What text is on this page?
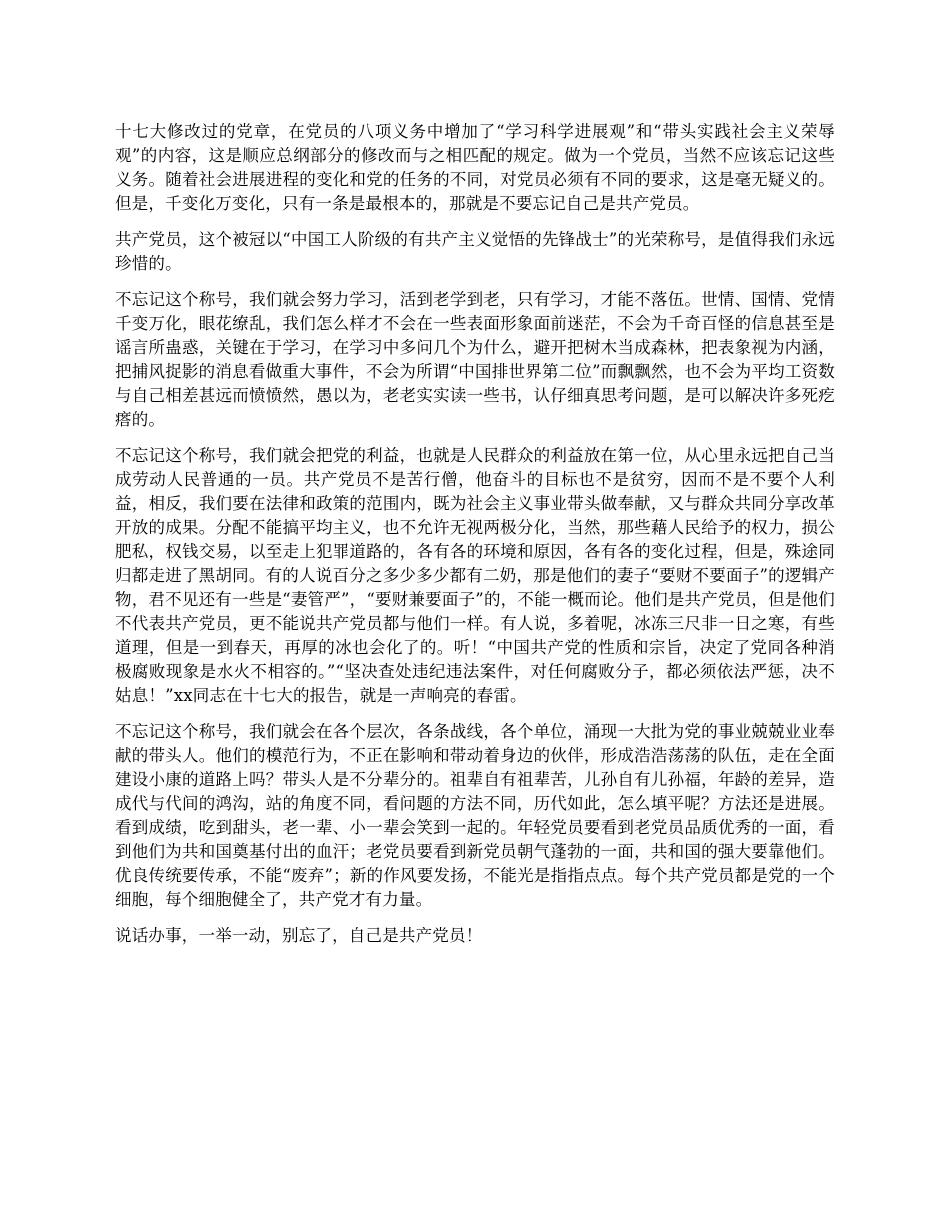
十七大修改过的党章，在党员的八项义务中增加了“学习科学进展观”和“带头实践社会主义荣辱观”的内容，这是顺应总纲部分的修改而与之相匹配的规定。做为一个党员，当然不应该忘记这些义务。随着社会进展进程的变化和党的任务的不同，对党员必须有不同的要求，这是毫无疑义的。但是，千变化万变化，只有一条是最根本的，那就是不要忘记自己是共产党员。

共产党员，这个被冠以“中国工人阶级的有共产主义觉悟的先锋战士”的光荣称号，是值得我们永远珍惜的。

不忘记这个称号，我们就会努力学习，活到老学到老，只有学习，才能不落伍。世情、国情、党情千变万化，眼花缭乱，我们怎么样才不会在一些表面形象面前迷茫，不会为千奇百怪的信息甚至是谣言所蛊惑，关键在于学习，在学习中多问几个为什么，避开把树木当成森林，把表象视为内涵，把捕风捉影的消息看做重大事件，不会为所谓“中国排世界第二位”而飘飘然，也不会为平均工资数与自己相差甚远而愤愤然，愚以为，老老实实读一些书，认仔细真思考问题，是可以解决许多死疙瘩的。

不忘记这个称号，我们就会把党的利益，也就是人民群众的利益放在第一位，从心里永远把自己当成劳动人民普通的一员。共产党员不是苦行僧，他奋斗的目标也不是贫穷，因而不是不要个人利益，相反，我们要在法律和政策的范围内，既为社会主义事业带头做奉献，又与群众共同分享改革开放的成果。分配不能搞平均主义，也不允许无视两极分化，当然，那些藉人民给予的权力，损公肥私，权钱交易，以至走上犯罪道路的，各有各的环境和原因，各有各的变化过程，但是，殊途同归都走进了黑胡同。有的人说百分之多少多少都有二奶，那是他们的妻子“要财不要面子”的逻辑产物，君不见还有一些是“妻管严”，“要财兼要面子”的，不能一概而论。他们是共产党员，但是他们不代表共产党员，更不能说共产党员都与他们一样。有人说，多着呢，冰冻三尺非一日之寒，有些道理，但是一到春天，再厚的冰也会化了的。听！“中国共产党的性质和宗旨，决定了党同各种消极腐败现象是水火不相容的。”“坚决查处违纪违法案件，对任何腐败分子，都必须依法严惩，决不姑息！”xx同志在十七大的报告，就是一声响亮的春雷。

不忘记这个称号，我们就会在各个层次，各条战线，各个单位，涌现一大批为党的事业兢兢业业奉献的带头人。他们的模范行为，不正在影响和带动着身边的伙伴，形成浩浩荡荡的队伍，走在全面建设小康的道路上吗？带头人是不分辈分的。祖辈自有祖辈苦，儿孙自有儿孙福，年龄的差异，造成代与代间的鸿沟，站的角度不同，看问题的方法不同，历代如此，怎么填平呢？方法还是进展。看到成绩，吃到甜头，老一辈、小一辈会笑到一起的。年轻党员要看到老党员品质优秀的一面，看到他们为共和国奠基付出的血汗；老党员要看到新党员朝气蓬勃的一面，共和国的强大要靠他们。优良传统要传承，不能“废弃”；新的作风要发扬，不能光是指指点点。每个共产党员都是党的一个细胞，每个细胞健全了，共产党才有力量。

说话办事，一举一动，别忘了，自己是共产党员！
